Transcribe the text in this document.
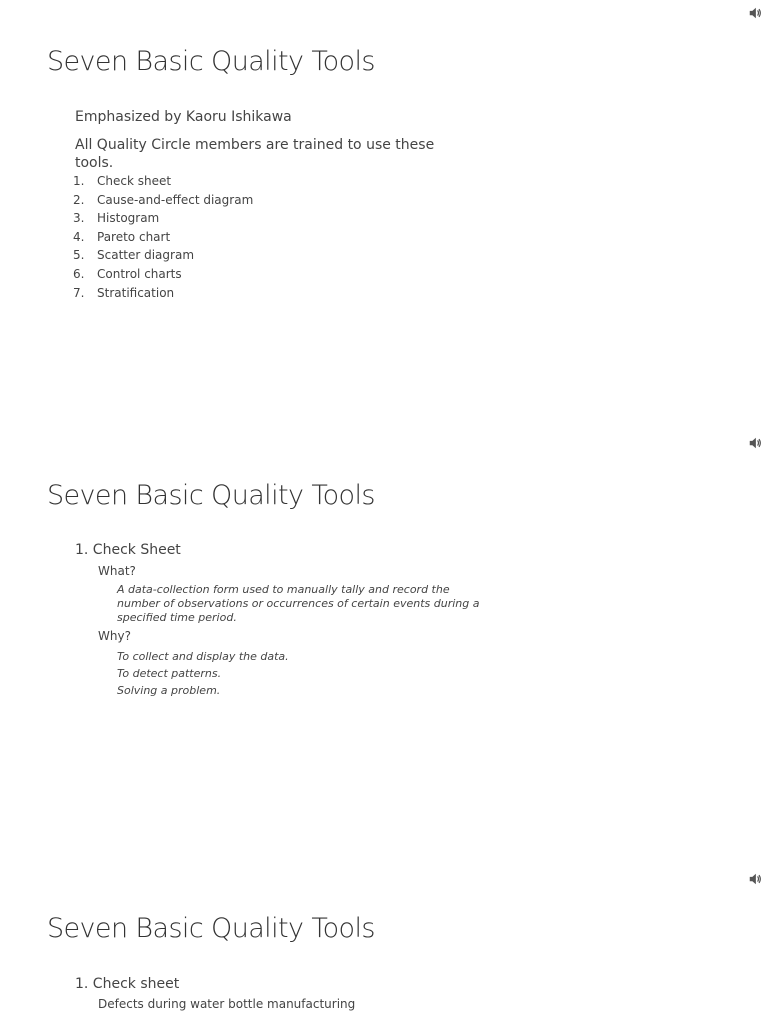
Seven Basic Quality Tools
Emphasized by Kaoru Ishikawa
All Quality Circle members are trained to use these tools.
1.	Check sheet
2.	Cause-and-effect diagram
3.	Histogram
4.	Pareto chart
5.	Scatter diagram
6.	Control charts
7.	Stratification
Seven Basic Quality Tools
1. Check Sheet
What?
A data-collection form used to manually tally and record the number of observations or occurrences of certain events during a specified time period.
Why?
To collect and display the data.
To detect patterns.
Solving a problem.
Seven Basic Quality Tools
1. Check sheet
Defects during water bottle manufacturing
